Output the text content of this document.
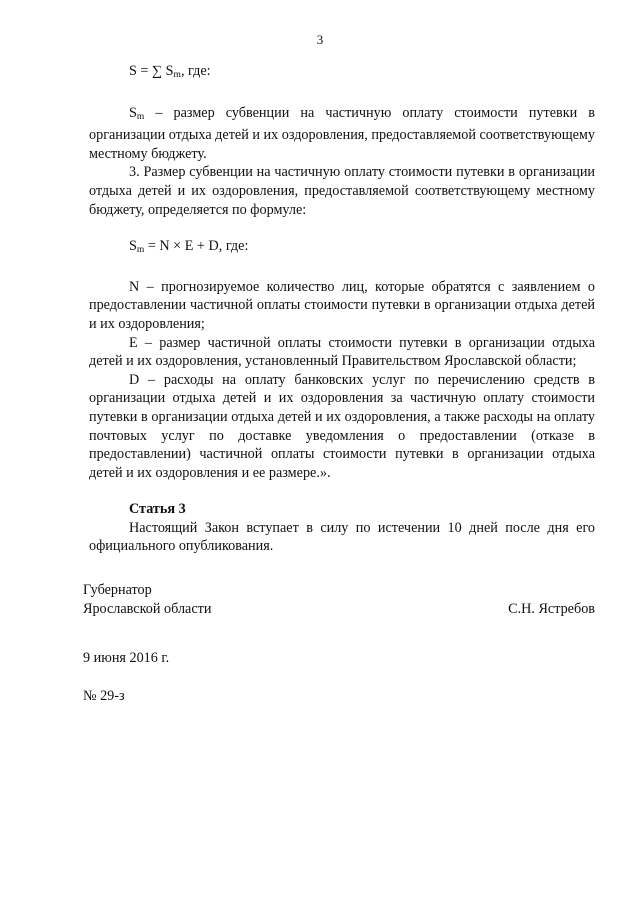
3

S = ∑ $S_m$, где:

$S_m$ – размер субвенции на частичную оплату стоимости путевки в организации отдыха детей и их оздоровления, предоставляемой соответствующему местному бюджету.

3. Размер субвенции на частичную оплату стоимости путевки в организации отдыха детей и их оздоровления, предоставляемой соответствующему местному бюджету, определяется по формуле:

$S_m = N \times E + D$, где:

N – прогнозируемое количество лиц, которые обратятся с заявлением о предоставлении частичной оплаты стоимости путевки в организации отдыха детей и их оздоровления;

E – размер частичной оплаты стоимости путевки в организации отдыха детей и их оздоровления, установленный Правительством Ярославской области;

D – расходы на оплату банковских услуг по перечислению средств в организации отдыха детей и их оздоровления за частичную оплату стоимости путевки в организации отдыха детей и их оздоровления, а также расходы на оплату почтовых услуг по доставке уведомления о предоставлении (отказе в предоставлении) частичной оплаты стоимости путевки в организации отдыха детей и их оздоровления и ее размере.».

Статья 3

Настоящий Закон вступает в силу по истечении 10 дней после дня его официального опубликования.

Губернатор
Ярославской области	С.Н. Ястребов
9 июня 2016 г.
№ 29-з
